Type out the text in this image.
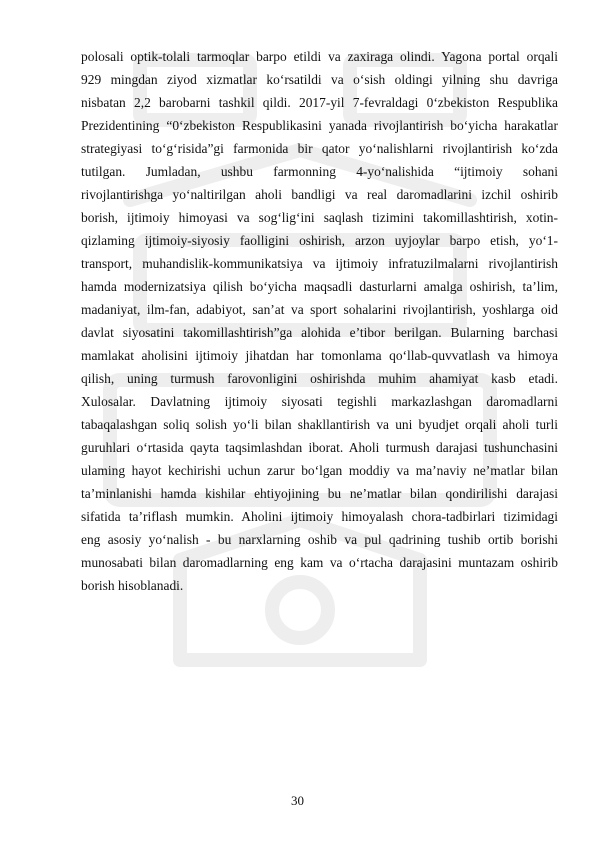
polosali optik-tolali tarmoqlar barpo etildi va zaxiraga olindi. Yagona portal orqali
929 mingdan ziyod xizmatlar ko‘rsatildi va o‘sish oldingi yilning shu davriga
nisbatan 2,2 barobarni tashkil qildi. 2017-yil 7-fevraldagi 0‘zbekiston Respublika
Prezidentining “0‘zbekiston Respublikasini yanada rivojlantirish bo‘yicha harakatlar
strategiyasi to‘g‘risida”gi farmonida bir qator yo‘nalishlarni rivojlantirish ko‘zda
tutilgan. Jumladan, ushbu farmonning 4-yo‘nalishida “ijtimoiy sohani
rivojlantirishga yo‘naltirilgan aholi bandligi va real daromadlarini izchil oshirib
borish, ijtimoiy himoyasi va sog‘lig‘ini saqlash tizimini takomillashtirish, xotin-
qizlaming ijtimoiy-siyosiy faolligini oshirish, arzon uyjoylar barpo etish, yo‘1-
transport, muhandislik-kommunikatsiya va ijtimoiy infratuzilmalarni rivojlantirish
hamda modernizatsiya qilish bo‘yicha maqsadli dasturlarni amalga oshirish, ta’lim,
madaniyat, ilm-fan, adabiyot, san’at va sport sohalarini rivojlantirish, yoshlarga oid
davlat siyosatini takomillashtirish”ga alohida e’tibor berilgan. Bularning barchasi
mamlakat aholisini ijtimoiy jihatdan har tomonlama qo‘llab-quvvatlash va himoya
qilish, uning turmush farovonligini oshirishda muhim ahamiyat kasb etadi.
Xulosalar. Davlatning ijtimoiy siyosati tegishli markazlashgan daromadlarni
tabaqalashgan soliq solish yo‘li bilan shakllantirish va uni byudjet orqali aholi turli
guruhlari o‘rtasida qayta taqsimlashdan iborat. Aholi turmush darajasi tushunchasini
ulaming hayot kechirishi uchun zarur bo‘lgan moddiy va ma’naviy ne’matlar bilan
ta’minlanishi hamda kishilar ehtiyojining bu ne’matlar bilan qondirilishi darajasi
sifatida ta’riflash mumkin. Aholini ijtimoiy himoyalash chora-tadbirlari tizimidagi
eng asosiy yo‘nalish - bu narxlarning oshib va pul qadrining tushib ortib borishi
munosabati bilan daromadlarning eng kam va o‘rtacha darajasini muntazam oshirib
borish hisoblanadi.
30
